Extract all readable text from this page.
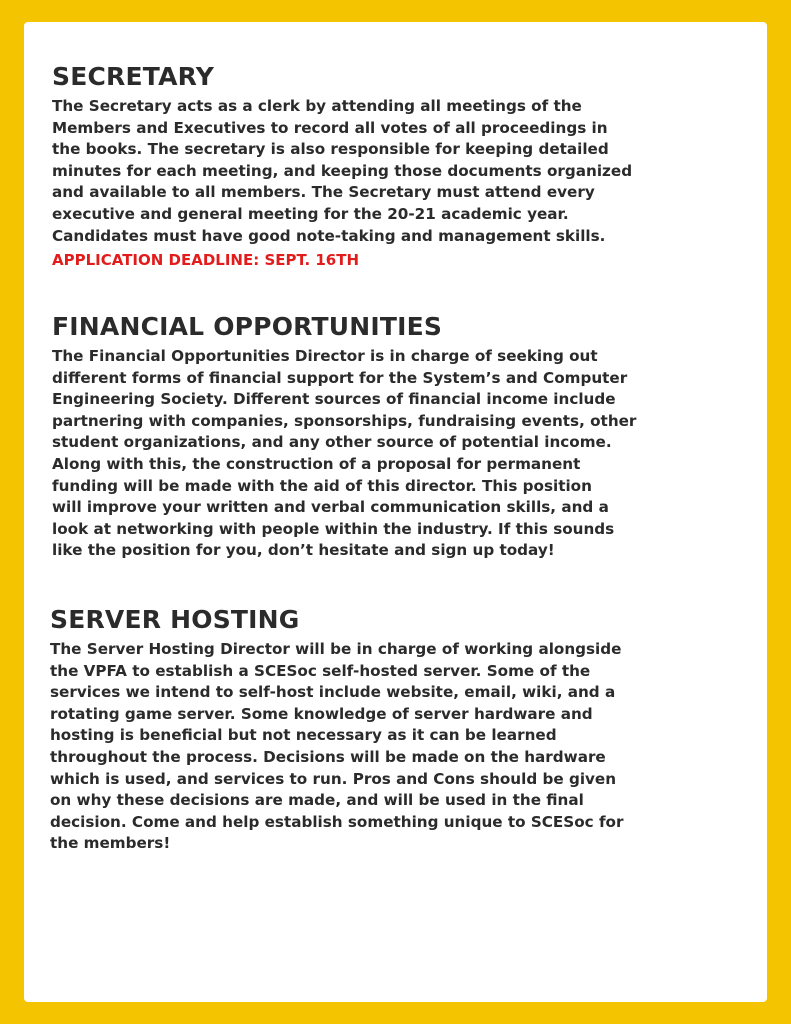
SECRETARY
The Secretary acts as a clerk by attending all meetings of the
Members and Executives to record all votes of all proceedings in
the books. The secretary is also responsible for keeping detailed
minutes for each meeting, and keeping those documents organized
and available to all members. The Secretary must attend every
executive and general meeting for the 20-21 academic year.
Candidates must have good note-taking and management skills.
APPLICATION DEADLINE: SEPT. 16TH
FINANCIAL OPPORTUNITIES
The Financial Opportunities Director is in charge of seeking out
different forms of financial support for the System’s and Computer
Engineering Society. Different sources of financial income include
partnering with companies, sponsorships, fundraising events, other
student organizations, and any other source of potential income.
Along with this, the construction of a proposal for permanent
funding will be made with the aid of this director. This position
will improve your written and verbal communication skills, and a
look at networking with people within the industry. If this sounds
like the position for you, don’t hesitate and sign up today!
SERVER HOSTING
The Server Hosting Director will be in charge of working alongside
the VPFA to establish a SCESoc self-hosted server. Some of the
services we intend to self-host include website, email, wiki, and a
rotating game server. Some knowledge of server hardware and
hosting is beneficial but not necessary as it can be learned
throughout the process. Decisions will be made on the hardware
which is used, and services to run. Pros and Cons should be given
on why these decisions are made, and will be used in the final
decision. Come and help establish something unique to SCESoc for
the members!
